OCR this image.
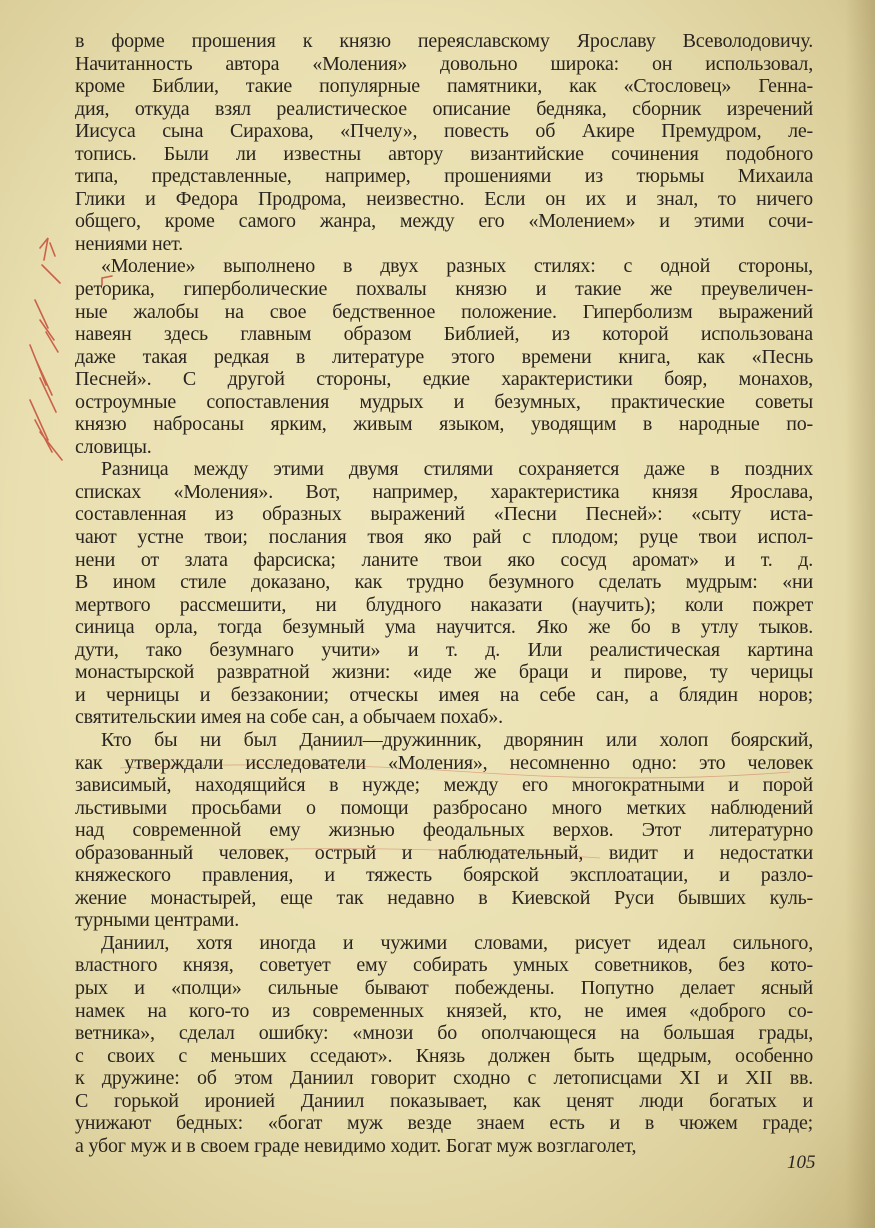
в форме прошения к князю переяславскому Ярославу Всеволодовичу.
Начитанность автора «Моления» довольно широка: он использовал,
кроме Библии, такие популярные памятники, как «Стословец» Генна-
дия, откуда взял реалистическое описание бедняка, сборник изречений
Иисуса сына Сирахова, «Пчелу», повесть об Акире Премудром, ле-
топись. Были ли известны автору византийские сочинения подобного
типа, представленные, например, прошениями из тюрьмы Михаила
Глики и Федора Продрома, неизвестно. Если он их и знал, то ничего
общего, кроме самого жанра, между его «Молением» и этими сочи-
нениями нет.
«Моление» выполнено в двух разных стилях: с одной стороны,
реторика, гиперболические похвалы князю и такие же преувеличен-
ные жалобы на свое бедственное положение. Гиперболизм выражений
навеян здесь главным образом Библией, из которой использована
даже такая редкая в литературе этого времени книга, как «Песнь
Песней». С другой стороны, едкие характеристики бояр, монахов,
остроумные сопоставления мудрых и безумных, практические советы
князю набросаны ярким, живым языком, уводящим в народные по-
словицы.
Разница между этими двумя стилями сохраняется даже в поздних
списках «Моления». Вот, например, характеристика князя Ярослава,
составленная из образных выражений «Песни Песней»: «сыту иста-
чают устне твои; послания твоя яко рай с плодом; руце твои испол-
нени от злата фарсиска; ланите твои яко сосуд аромат» и т. д.
В ином стиле доказано, как трудно безумного сделать мудрым: «ни
мертвого рассмешити, ни блудного наказати (научить); коли пожрет
синица орла, тогда безумный ума научится. Яко же бо в утлу тыков.
дути, тако безумнаго учити» и т. д. Или реалистическая картина
монастырской развратной жизни: «иде же браци и пирове, ту черицы
и черницы и беззаконии; отческы имея на себе сан, а блядин норов;
святительскии имея на собе сан, а обычаем похаб».
Кто бы ни был Даниил—дружинник, дворянин или холоп боярский,
как утверждали исследователи «Моления», несомненно одно: это человек
зависимый, находящийся в нужде; между его многократными и порой
льстивыми просьбами о помощи разбросано много метких наблюдений
над современной ему жизнью феодальных верхов. Этот литературно
образованный человек, острый и наблюдательный, видит и недостатки
княжеского правления, и тяжесть боярской эксплоатации, и разло-
жение монастырей, еще так недавно в Киевской Руси бывших куль-
турными центрами.
Даниил, хотя иногда и чужими словами, рисует идеал сильного,
властного князя, советует ему собирать умных советников, без кото-
рых и «полци» сильные бывают побеждены. Попутно делает ясный
намек на кого-то из современных князей, кто, не имея «доброго со-
ветника», сделал ошибку: «мнози бо ополчающеся на большая грады,
с своих с меньших сседают». Князь должен быть щедрым, особенно
к дружине: об этом Даниил говорит сходно с летописцами XI и XII вв.
С горькой иронией Даниил показывает, как ценят люди богатых и
унижают бедных: «богат муж везде знаем есть и в чюжем граде;
а убог муж и в своем граде невидимо ходит. Богат муж возглаголет,
105
